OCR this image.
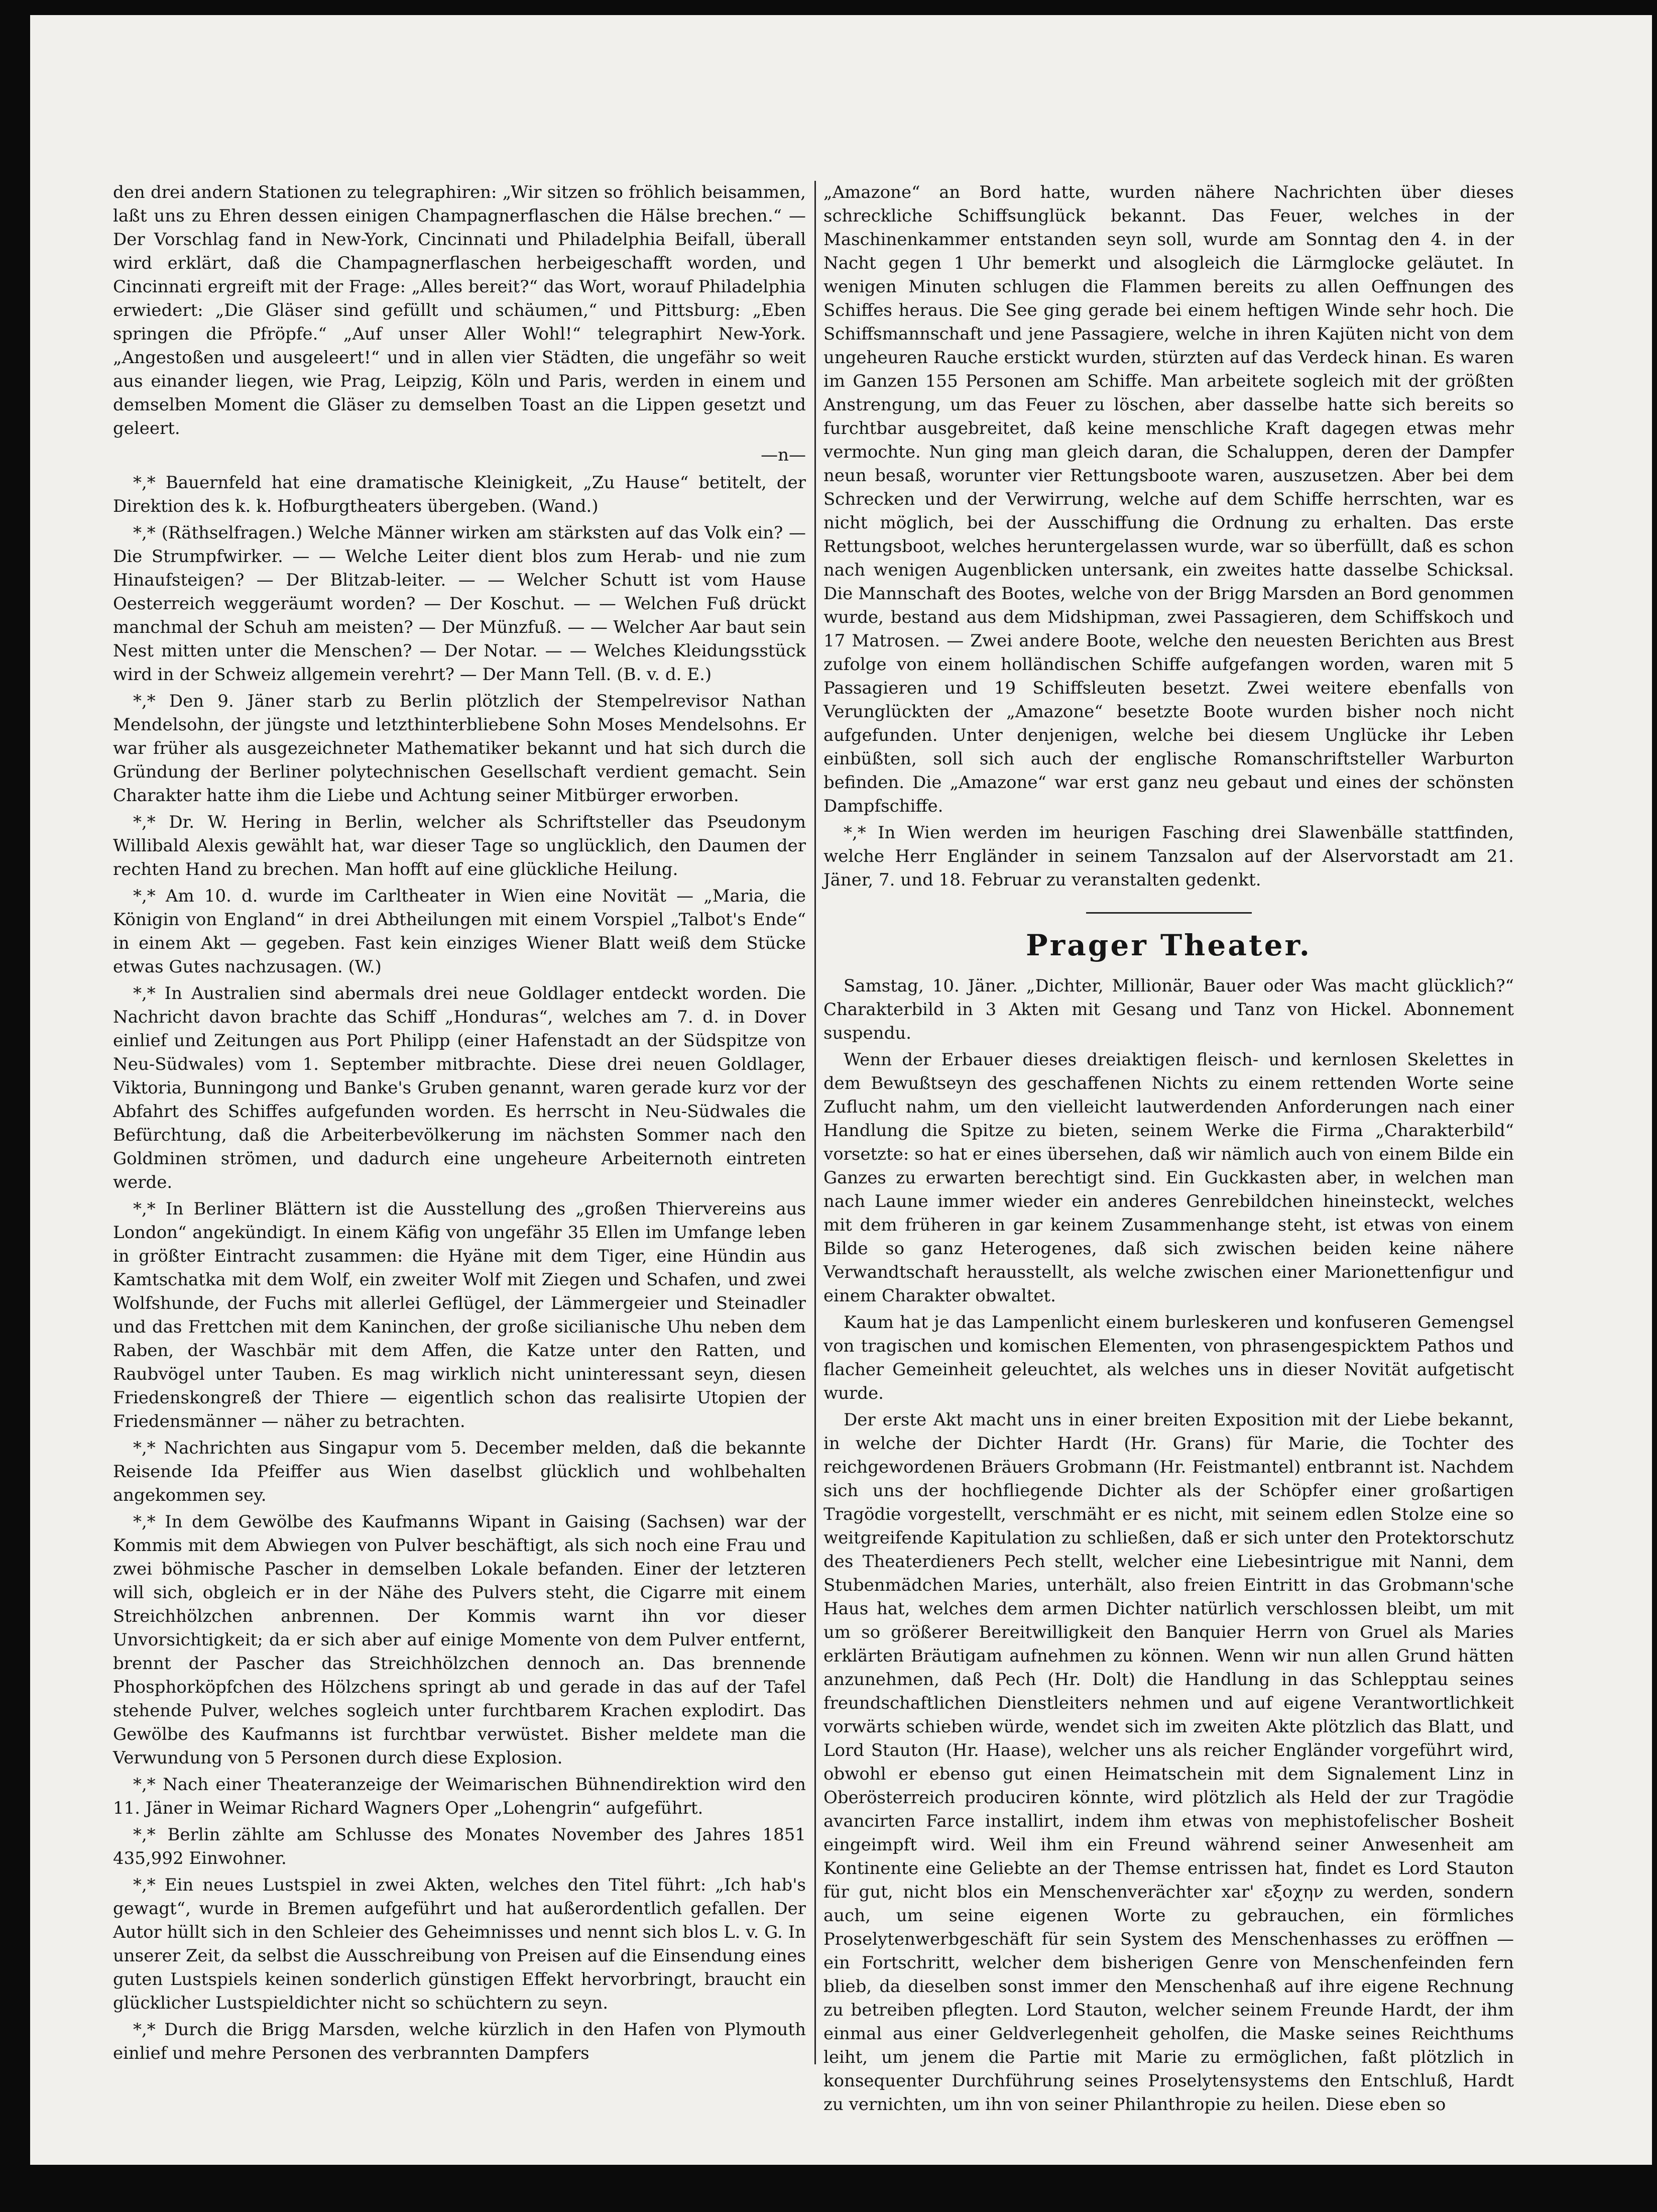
den drei andern Stationen zu telegraphiren: „Wir sitzen so fröhlich beisammen, laßt uns zu Ehren dessen einigen Champagnerflaschen die Hälse brechen.“ — Der Vorschlag fand in New-York, Cincinnati und Philadelphia Beifall, überall wird erklärt, daß die Champagnerflaschen herbeigeschafft worden, und Cincinnati ergreift mit der Frage: „Alles bereit?“ das Wort, worauf Philadelphia erwiedert: „Die Gläser sind gefüllt und schäumen,“ und Pittsburg: „Eben springen die Pfröpfe.“ „Auf unser Aller Wohl!“ telegraphirt New-York. „Angestoßen und ausgeleert!“ und in allen vier Städten, die ungefähr so weit aus einander liegen, wie Prag, Leipzig, Köln und Paris, werden in einem und demselben Moment die Gläser zu demselben Toast an die Lippen gesetzt und geleert.

—n—

*,* Bauernfeld hat eine dramatische Kleinigkeit, „Zu Hause“ betitelt, der Direktion des k. k. Hofburgtheaters übergeben. (Wand.)

*,* (Räthselfragen.) Welche Männer wirken am stärksten auf das Volk ein? — Die Strumpfwirker. — — Welche Leiter dient blos zum Herab- und nie zum Hinaufsteigen? — Der Blitzab-leiter. — — Welcher Schutt ist vom Hause Oesterreich weggeräumt worden? — Der Koschut. — — Welchen Fuß drückt manchmal der Schuh am meisten? — Der Münzfuß. — — Welcher Aar baut sein Nest mitten unter die Menschen? — Der Notar. — — Welches Kleidungsstück wird in der Schweiz allgemein verehrt? — Der Mann Tell. (B. v. d. E.)

*,* Den 9. Jäner starb zu Berlin plötzlich der Stempelrevisor Nathan Mendelsohn, der jüngste und letzthinterbliebene Sohn Moses Mendelsohns. Er war früher als ausgezeichneter Mathematiker bekannt und hat sich durch die Gründung der Berliner polytechnischen Gesellschaft verdient gemacht. Sein Charakter hatte ihm die Liebe und Achtung seiner Mitbürger erworben.

*,* Dr. W. Hering in Berlin, welcher als Schriftsteller das Pseudonym Willibald Alexis gewählt hat, war dieser Tage so unglücklich, den Daumen der rechten Hand zu brechen. Man hofft auf eine glückliche Heilung.

*,* Am 10. d. wurde im Carltheater in Wien eine Novität — „Maria, die Königin von England“ in drei Abtheilungen mit einem Vorspiel „Talbot's Ende“ in einem Akt — gegeben. Fast kein einziges Wiener Blatt weiß dem Stücke etwas Gutes nachzusagen. (W.)

*,* In Australien sind abermals drei neue Goldlager entdeckt worden. Die Nachricht davon brachte das Schiff „Honduras“, welches am 7. d. in Dover einlief und Zeitungen aus Port Philipp (einer Hafenstadt an der Südspitze von Neu-Südwales) vom 1. September mitbrachte. Diese drei neuen Goldlager, Viktoria, Bunningong und Banke's Gruben genannt, waren gerade kurz vor der Abfahrt des Schiffes aufgefunden worden. Es herrscht in Neu-Südwales die Befürchtung, daß die Arbeiterbevölkerung im nächsten Sommer nach den Goldminen strömen, und dadurch eine ungeheure Arbeiternoth eintreten werde.

*,* In Berliner Blättern ist die Ausstellung des „großen Thiervereins aus London“ angekündigt. In einem Käfig von ungefähr 35 Ellen im Umfange leben in größter Eintracht zusammen: die Hyäne mit dem Tiger, eine Hündin aus Kamtschatka mit dem Wolf, ein zweiter Wolf mit Ziegen und Schafen, und zwei Wolfshunde, der Fuchs mit allerlei Geflügel, der Lämmergeier und Steinadler und das Frettchen mit dem Kaninchen, der große sicilianische Uhu neben dem Raben, der Waschbär mit dem Affen, die Katze unter den Ratten, und Raubvögel unter Tauben. Es mag wirklich nicht uninteressant seyn, diesen Friedenskongreß der Thiere — eigentlich schon das realisirte Utopien der Friedensmänner — näher zu betrachten.

*,* Nachrichten aus Singapur vom 5. December melden, daß die bekannte Reisende Ida Pfeiffer aus Wien daselbst glücklich und wohlbehalten angekommen sey.

*,* In dem Gewölbe des Kaufmanns Wipant in Gaising (Sachsen) war der Kommis mit dem Abwiegen von Pulver beschäftigt, als sich noch eine Frau und zwei böhmische Pascher in demselben Lokale befanden. Einer der letzteren will sich, obgleich er in der Nähe des Pulvers steht, die Cigarre mit einem Streichhölzchen anbrennen. Der Kommis warnt ihn vor dieser Unvorsichtigkeit; da er sich aber auf einige Momente von dem Pulver entfernt, brennt der Pascher das Streichhölzchen dennoch an. Das brennende Phosphorköpfchen des Hölzchens springt ab und gerade in das auf der Tafel stehende Pulver, welches sogleich unter furchtbarem Krachen explodirt. Das Gewölbe des Kaufmanns ist furchtbar verwüstet. Bisher meldete man die Verwundung von 5 Personen durch diese Explosion.

*,* Nach einer Theateranzeige der Weimarischen Bühnendirektion wird den 11. Jäner in Weimar Richard Wagners Oper „Lohengrin“ aufgeführt.

*,* Berlin zählte am Schlusse des Monates November des Jahres 1851 435,992 Einwohner.

*,* Ein neues Lustspiel in zwei Akten, welches den Titel führt: „Ich hab's gewagt“, wurde in Bremen aufgeführt und hat außerordentlich gefallen. Der Autor hüllt sich in den Schleier des Geheimnisses und nennt sich blos L. v. G. In unserer Zeit, da selbst die Ausschreibung von Preisen auf die Einsendung eines guten Lustspiels keinen sonderlich günstigen Effekt hervorbringt, braucht ein glücklicher Lustspieldichter nicht so schüchtern zu seyn.

*,* Durch die Brigg Marsden, welche kürzlich in den Hafen von Plymouth einlief und mehre Personen des verbrannten Dampfers

„Amazone“ an Bord hatte, wurden nähere Nachrichten über dieses schreckliche Schiffsunglück bekannt. Das Feuer, welches in der Maschinenkammer entstanden seyn soll, wurde am Sonntag den 4. in der Nacht gegen 1 Uhr bemerkt und alsogleich die Lärmglocke geläutet. In wenigen Minuten schlugen die Flammen bereits zu allen Oeffnungen des Schiffes heraus. Die See ging gerade bei einem heftigen Winde sehr hoch. Die Schiffsmannschaft und jene Passagiere, welche in ihren Kajüten nicht von dem ungeheuren Rauche erstickt wurden, stürzten auf das Verdeck hinan. Es waren im Ganzen 155 Personen am Schiffe. Man arbeitete sogleich mit der größten Anstrengung, um das Feuer zu löschen, aber dasselbe hatte sich bereits so furchtbar ausgebreitet, daß keine menschliche Kraft dagegen etwas mehr vermochte. Nun ging man gleich daran, die Schaluppen, deren der Dampfer neun besaß, worunter vier Rettungsboote waren, auszusetzen. Aber bei dem Schrecken und der Verwirrung, welche auf dem Schiffe herrschten, war es nicht möglich, bei der Ausschiffung die Ordnung zu erhalten. Das erste Rettungsboot, welches heruntergelassen wurde, war so überfüllt, daß es schon nach wenigen Augenblicken untersank, ein zweites hatte dasselbe Schicksal. Die Mannschaft des Bootes, welche von der Brigg Marsden an Bord genommen wurde, bestand aus dem Midshipman, zwei Passagieren, dem Schiffskoch und 17 Matrosen. — Zwei andere Boote, welche den neuesten Berichten aus Brest zufolge von einem holländischen Schiffe aufgefangen worden, waren mit 5 Passagieren und 19 Schiffsleuten besetzt. Zwei weitere ebenfalls von Verunglückten der „Amazone“ besetzte Boote wurden bisher noch nicht aufgefunden. Unter denjenigen, welche bei diesem Unglücke ihr Leben einbüßten, soll sich auch der englische Romanschriftsteller Warburton befinden. Die „Amazone“ war erst ganz neu gebaut und eines der schönsten Dampfschiffe.

*,* In Wien werden im heurigen Fasching drei Slawenbälle stattfinden, welche Herr Engländer in seinem Tanzsalon auf der Alservorstadt am 21. Jäner, 7. und 18. Februar zu veranstalten gedenkt.

Prager Theater.

Samstag, 10. Jäner. „Dichter, Millionär, Bauer oder Was macht glücklich?“ Charakterbild in 3 Akten mit Gesang und Tanz von Hickel. Abonnement suspendu.

Wenn der Erbauer dieses dreiaktigen fleisch- und kernlosen Skelettes in dem Bewußtseyn des geschaffenen Nichts zu einem rettenden Worte seine Zuflucht nahm, um den vielleicht lautwerdenden Anforderungen nach einer Handlung die Spitze zu bieten, seinem Werke die Firma „Charakterbild“ vorsetzte: so hat er eines übersehen, daß wir nämlich auch von einem Bilde ein Ganzes zu erwarten berechtigt sind. Ein Guckkasten aber, in welchen man nach Laune immer wieder ein anderes Genrebildchen hineinsteckt, welches mit dem früheren in gar keinem Zusammenhange steht, ist etwas von einem Bilde so ganz Heterogenes, daß sich zwischen beiden keine nähere Verwandtschaft herausstellt, als welche zwischen einer Marionettenfigur und einem Charakter obwaltet.

Kaum hat je das Lampenlicht einem burleskeren und konfuseren Gemengsel von tragischen und komischen Elementen, von phrasengespicktem Pathos und flacher Gemeinheit geleuchtet, als welches uns in dieser Novität aufgetischt wurde.

Der erste Akt macht uns in einer breiten Exposition mit der Liebe bekannt, in welche der Dichter Hardt (Hr. Grans) für Marie, die Tochter des reichgewordenen Bräuers Grobmann (Hr. Feistmantel) entbrannt ist. Nachdem sich uns der hochfliegende Dichter als der Schöpfer einer großartigen Tragödie vorgestellt, verschmäht er es nicht, mit seinem edlen Stolze eine so weitgreifende Kapitulation zu schließen, daß er sich unter den Protektorschutz des Theaterdieners Pech stellt, welcher eine Liebesintrigue mit Nanni, dem Stubenmädchen Maries, unterhält, also freien Eintritt in das Grobmann'sche Haus hat, welches dem armen Dichter natürlich verschlossen bleibt, um mit um so größerer Bereitwilligkeit den Banquier Herrn von Gruel als Maries erklärten Bräutigam aufnehmen zu können. Wenn wir nun allen Grund hätten anzunehmen, daß Pech (Hr. Dolt) die Handlung in das Schlepptau seines freundschaftlichen Dienstleiters nehmen und auf eigene Verantwortlichkeit vorwärts schieben würde, wendet sich im zweiten Akte plötzlich das Blatt, und Lord Stauton (Hr. Haase), welcher uns als reicher Engländer vorgeführt wird, obwohl er ebenso gut einen Heimatschein mit dem Signalement Linz in Oberösterreich produciren könnte, wird plötzlich als Held der zur Tragödie avancirten Farce installirt, indem ihm etwas von mephistofelischer Bosheit eingeimpft wird. Weil ihm ein Freund während seiner Anwesenheit am Kontinente eine Geliebte an der Themse entrissen hat, findet es Lord Stauton für gut, nicht blos ein Menschenverächter xar' εξοχην zu werden, sondern auch, um seine eigenen Worte zu gebrauchen, ein förmliches Proselytenwerbgeschäft für sein System des Menschenhasses zu eröffnen — ein Fortschritt, welcher dem bisherigen Genre von Menschenfeinden fern blieb, da dieselben sonst immer den Menschenhaß auf ihre eigene Rechnung zu betreiben pflegten. Lord Stauton, welcher seinem Freunde Hardt, der ihm einmal aus einer Geldverlegenheit geholfen, die Maske seines Reichthums leiht, um jenem die Partie mit Marie zu ermöglichen, faßt plötzlich in konsequenter Durchführung seines Proselytensystems den Entschluß, Hardt zu vernichten, um ihn von seiner Philanthropie zu heilen. Diese eben so
